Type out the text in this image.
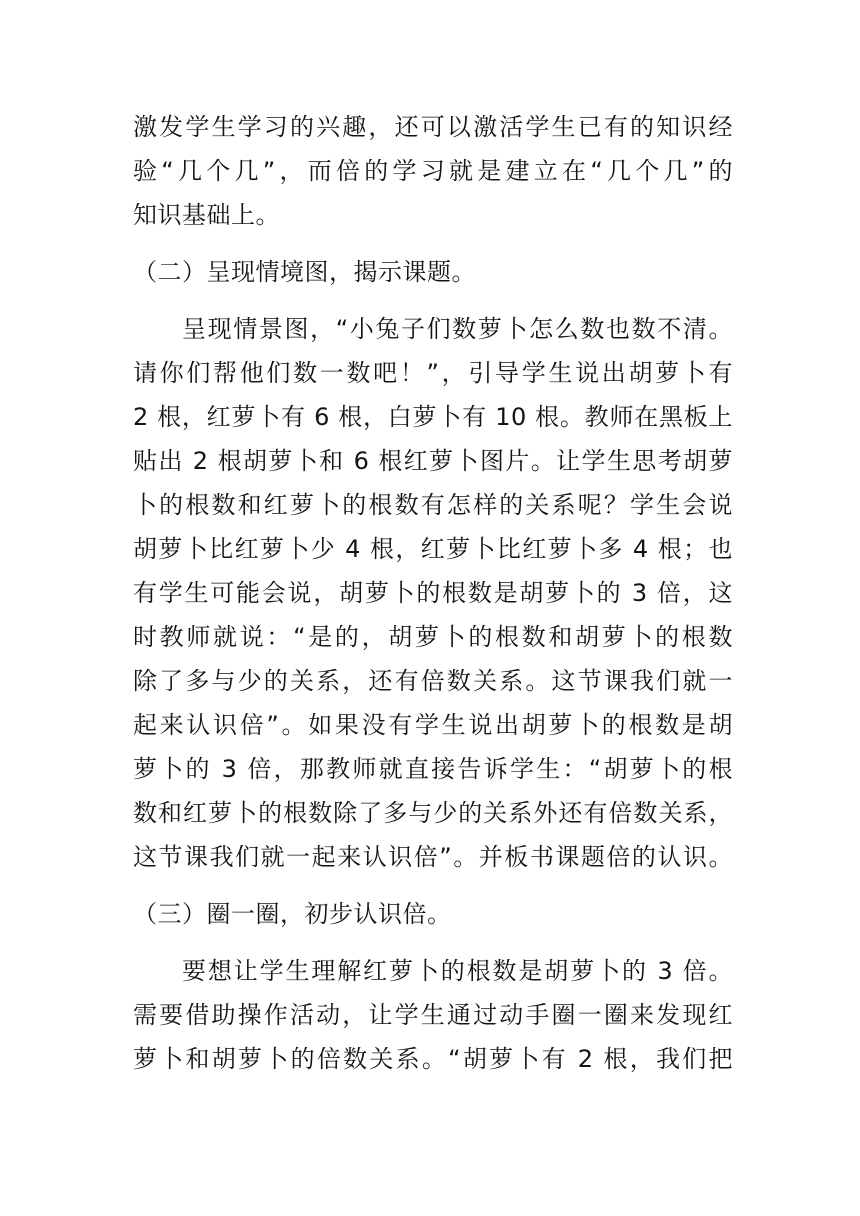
激发学生学习的兴趣，还可以激活学生已有的知识经

验“几个几”，而倍的学习就是建立在“几个几”的

知识基础上。

（二）呈现情境图，揭示课题。

呈现情景图，“小兔子们数萝卜怎么数也数不清。

请你们帮他们数一数吧！”，引导学生说出胡萝卜有

2 根，红萝卜有 6 根，白萝卜有 10 根。教师在黑板上

贴出 2 根胡萝卜和 6 根红萝卜图片。让学生思考胡萝

卜的根数和红萝卜的根数有怎样的关系呢？学生会说

胡萝卜比红萝卜少 4 根，红萝卜比红萝卜多 4 根；也

有学生可能会说，胡萝卜的根数是胡萝卜的 3 倍，这

时教师就说：“是的，胡萝卜的根数和胡萝卜的根数

除了多与少的关系，还有倍数关系。这节课我们就一

起来认识倍”。如果没有学生说出胡萝卜的根数是胡

萝卜的 3 倍，那教师就直接告诉学生：“胡萝卜的根

数和红萝卜的根数除了多与少的关系外还有倍数关系，

这节课我们就一起来认识倍”。并板书课题倍的认识。

（三）圈一圈，初步认识倍。

要想让学生理解红萝卜的根数是胡萝卜的 3 倍。

需要借助操作活动，让学生通过动手圈一圈来发现红

萝卜和胡萝卜的倍数关系。“胡萝卜有 2 根，我们把
